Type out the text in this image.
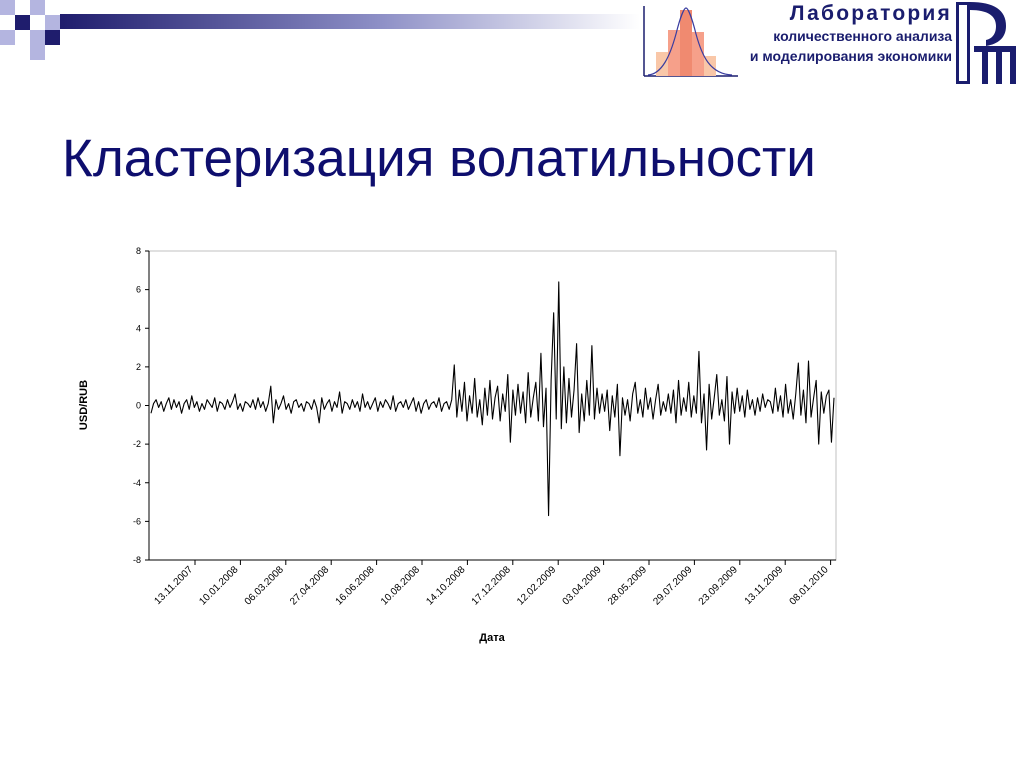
Лаборатория
количественного анализа
и моделирования экономики
Кластеризация волатильности
8
6
4
2
0
-2
-4
-6
-8
13.11.2007 10.01.2008 06.03.2008 27.04.2008 16.06.2008 10.08.2008 14.10.2008 17.12.2008 12.02.2009 03.04.2009 28.05.2009 29.07.2009 23.09.2009 13.11.2009 08.01.2010
USD/RUB
Дата
